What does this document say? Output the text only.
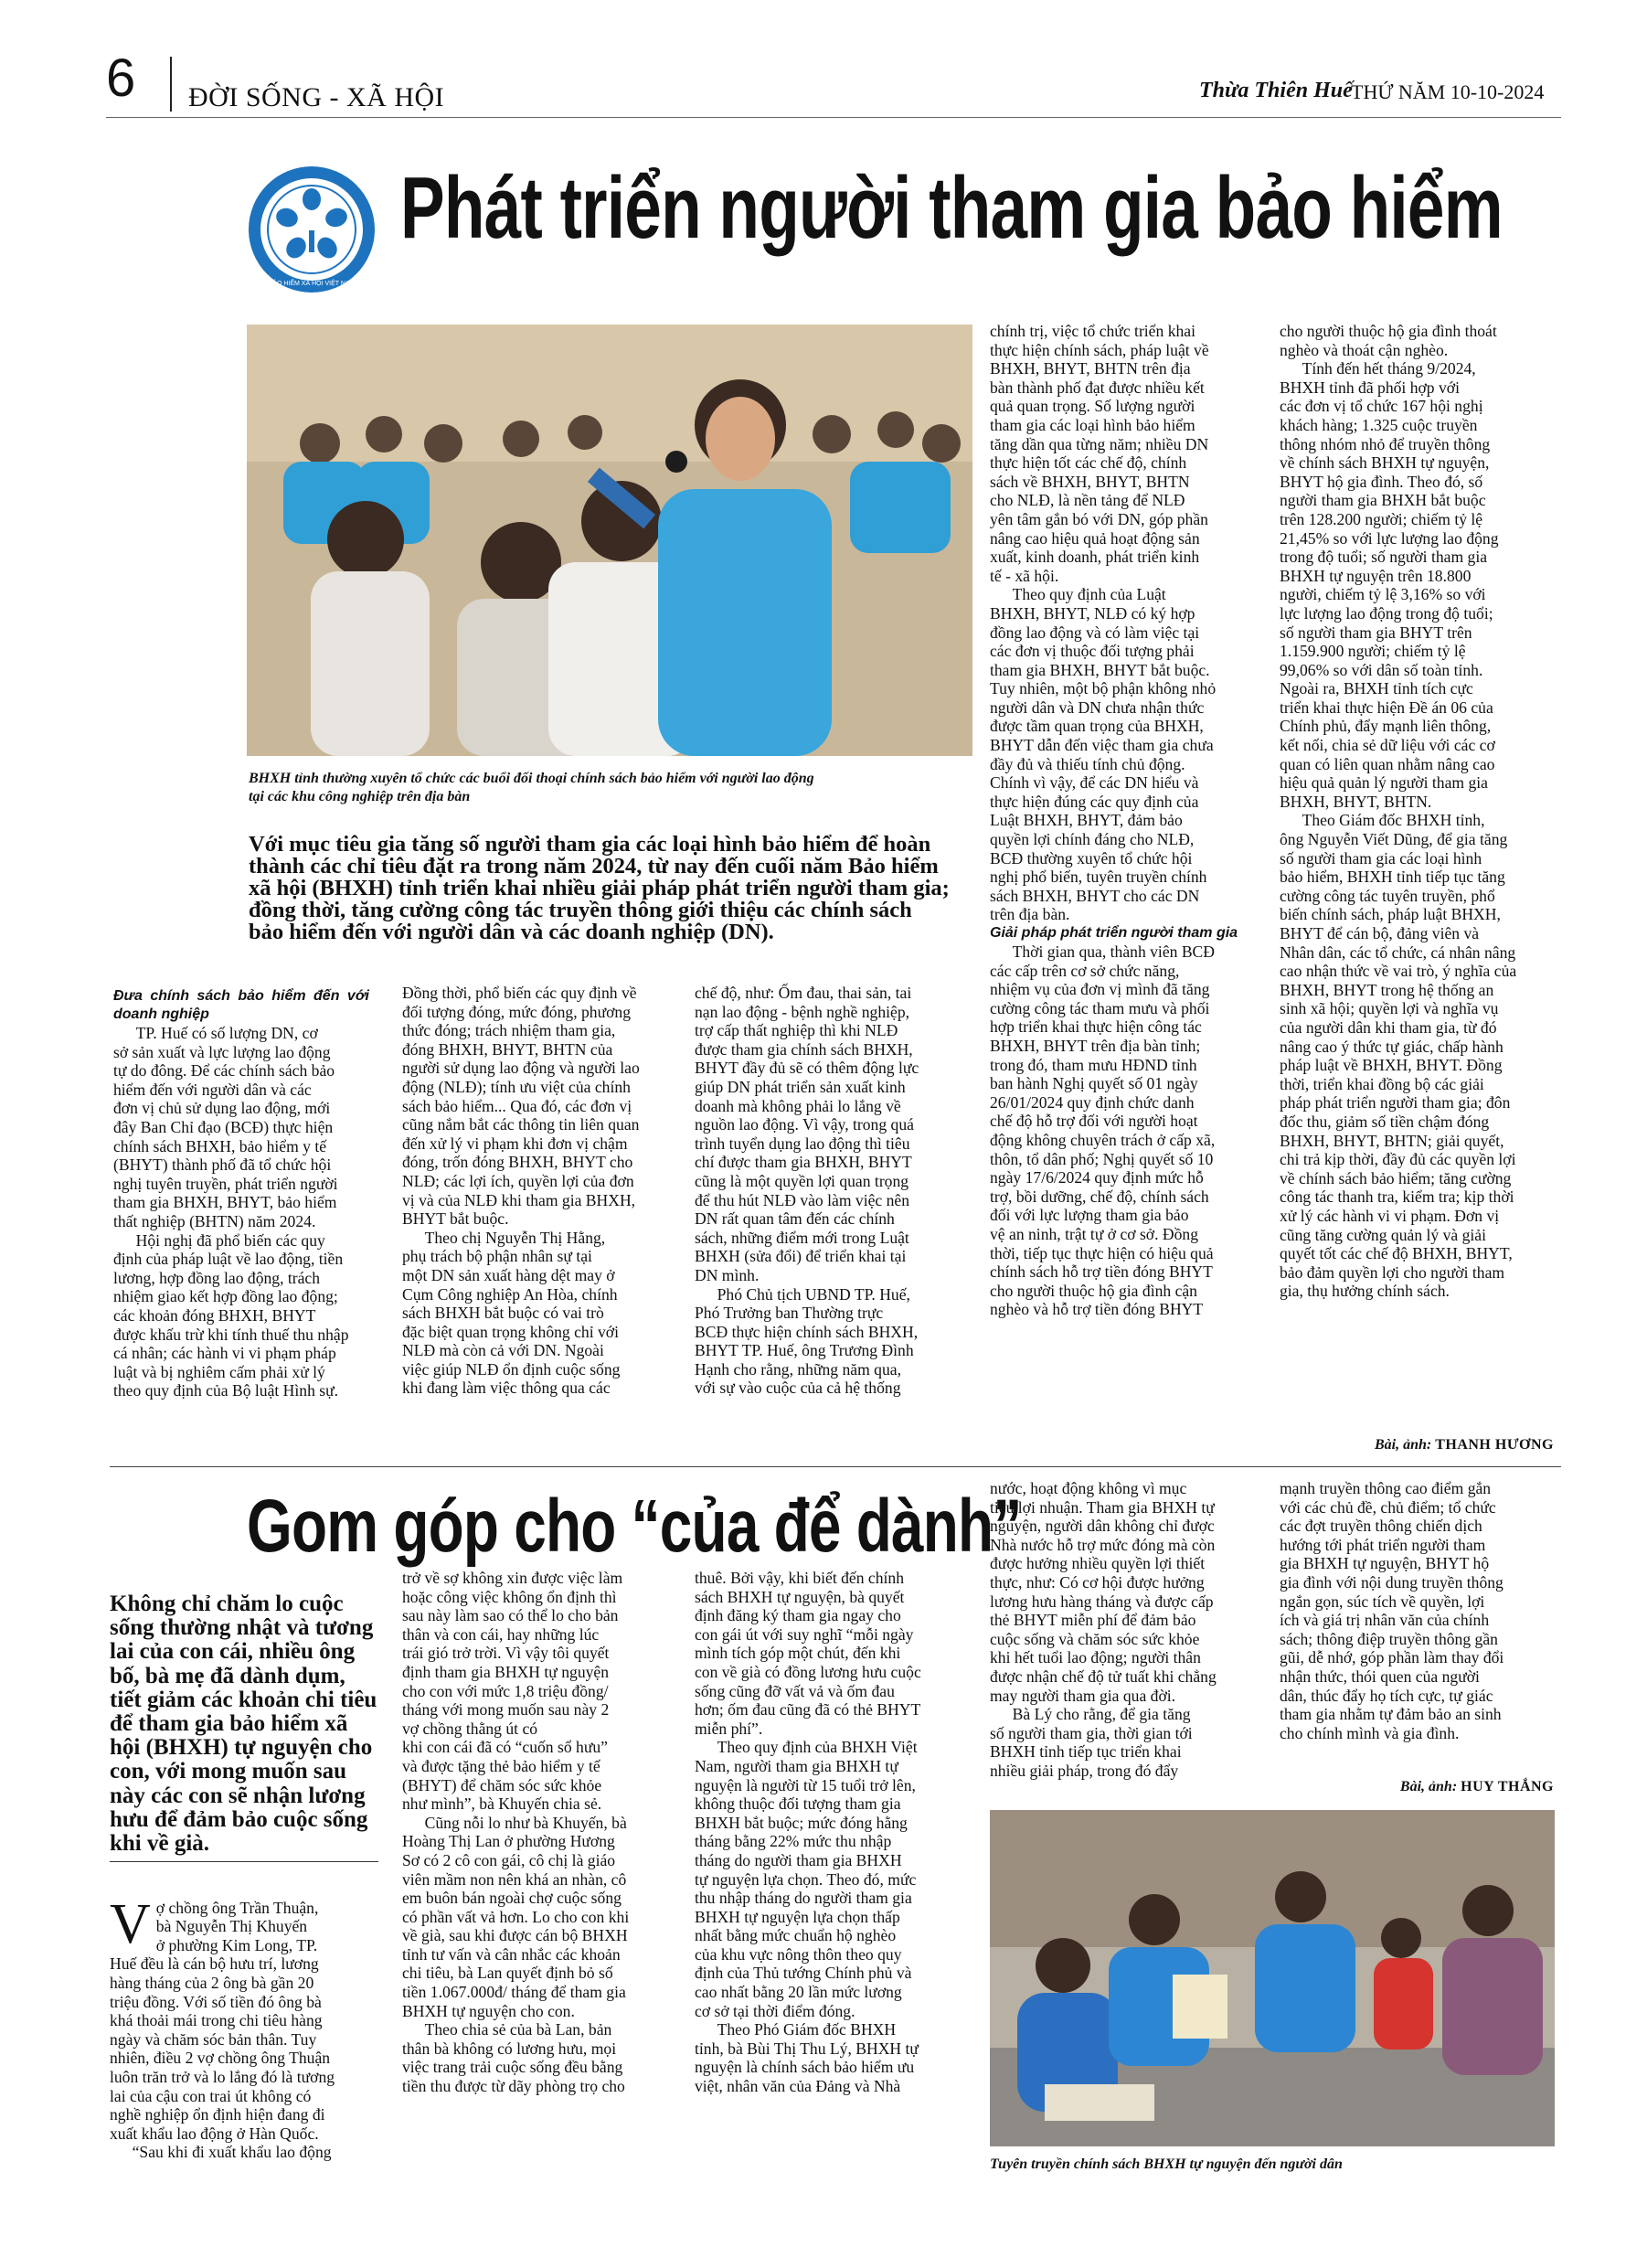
6 ĐỜI SỐNG - XÃ HỘI	Thừa Thiên Huế
THỨ NĂM 10-10-2024
BẢO HIỂM XÃ HỘI VIỆT NAM
Phát triển người tham gia bảo hiểm
BHXH tỉnh thường xuyên tổ chức các buổi đối thoại chính sách bảo hiểm với người lao động
tại các khu công nghiệp trên địa bàn
Với mục tiêu gia tăng số người tham gia các loại hình bảo hiểm để hoàn
thành các chỉ tiêu đặt ra trong năm 2024, từ nay đến cuối năm Bảo hiểm
xã hội (BHXH) tỉnh triển khai nhiều giải pháp phát triển người tham gia;
đồng thời, tăng cường công tác truyền thông giới thiệu các chính sách
bảo hiểm đến với người dân và các doanh nghiệp (DN).

Đưa chính sách bảo hiểm đến với doanh nghiệp

TP. Huế có số lượng DN, cơ
sở sản xuất và lực lượng lao động
tự do đông. Để các chính sách bảo
hiểm đến với người dân và các
đơn vị chủ sử dụng lao động, mới
đây Ban Chỉ đạo (BCĐ) thực hiện
chính sách BHXH, bảo hiểm y tế
(BHYT) thành phố đã tổ chức hội
nghị tuyên truyền, phát triển người
tham gia BHXH, BHYT, bảo hiểm
thất nghiệp (BHTN) năm 2024.

Hội nghị đã phổ biến các quy
định của pháp luật về lao động, tiền
lương, hợp đồng lao động, trách
nhiệm giao kết hợp đồng lao động;
các khoản đóng BHXH, BHYT
được khấu trừ khi tính thuế thu nhập
cá nhân; các hành vi vi phạm pháp
luật và bị nghiêm cấm phải xử lý
theo quy định của Bộ luật Hình sự.

Đồng thời, phổ biến các quy định về
đối tượng đóng, mức đóng, phương
thức đóng; trách nhiệm tham gia,
đóng BHXH, BHYT, BHTN của
người sử dụng lao động và người lao
động (NLĐ); tính ưu việt của chính
sách bảo hiểm... Qua đó, các đơn vị
cũng nắm bắt các thông tin liên quan
đến xử lý vi phạm khi đơn vị chậm
đóng, trốn đóng BHXH, BHYT cho
NLĐ; các lợi ích, quyền lợi của đơn
vị và của NLĐ khi tham gia BHXH,
BHYT bắt buộc.

Theo chị Nguyễn Thị Hằng,
phụ trách bộ phận nhân sự tại
một DN sản xuất hàng dệt may ở
Cụm Công nghiệp An Hòa, chính
sách BHXH bắt buộc có vai trò
đặc biệt quan trọng không chỉ với
NLĐ mà còn cả với DN. Ngoài
việc giúp NLĐ ổn định cuộc sống
khi đang làm việc thông qua các

chế độ, như: Ốm đau, thai sản, tai
nạn lao động - bệnh nghề nghiệp,
trợ cấp thất nghiệp thì khi NLĐ
được tham gia chính sách BHXH,
BHYT đầy đủ sẽ có thêm động lực
giúp DN phát triển sản xuất kinh
doanh mà không phải lo lắng về
nguồn lao động. Vì vậy, trong quá
trình tuyển dụng lao động thì tiêu
chí được tham gia BHXH, BHYT
cũng là một quyền lợi quan trọng
để thu hút NLĐ vào làm việc nên
DN rất quan tâm đến các chính
sách, những điểm mới trong Luật
BHXH (sửa đổi) để triển khai tại
DN mình.

Phó Chủ tịch UBND TP. Huế,
Phó Trưởng ban Thường trực
BCĐ thực hiện chính sách BHXH,
BHYT TP. Huế, ông Trương Đình
Hạnh cho rằng, những năm qua,
với sự vào cuộc của cả hệ thống

chính trị, việc tổ chức triển khai
thực hiện chính sách, pháp luật về
BHXH, BHYT, BHTN trên địa
bàn thành phố đạt được nhiều kết
quả quan trọng. Số lượng người
tham gia các loại hình bảo hiểm
tăng dần qua từng năm; nhiều DN
thực hiện tốt các chế độ, chính
sách về BHXH, BHYT, BHTN
cho NLĐ, là nền tảng để NLĐ
yên tâm gắn bó với DN, góp phần
nâng cao hiệu quả hoạt động sản
xuất, kinh doanh, phát triển kinh
tế - xã hội.

Theo quy định của Luật
BHXH, BHYT, NLĐ có ký hợp
đồng lao động và có làm việc tại
các đơn vị thuộc đối tượng phải
tham gia BHXH, BHYT bắt buộc.
Tuy nhiên, một bộ phận không nhỏ
người dân và DN chưa nhận thức
được tầm quan trọng của BHXH,
BHYT dẫn đến việc tham gia chưa
đầy đủ và thiếu tính chủ động.
Chính vì vậy, để các DN hiểu và
thực hiện đúng các quy định của
Luật BHXH, BHYT, đảm bảo
quyền lợi chính đáng cho NLĐ,
BCĐ thường xuyên tổ chức hội
nghị phổ biến, tuyên truyền chính
sách BHXH, BHYT cho các DN
trên địa bàn.

Giải pháp phát triển người tham gia

Thời gian qua, thành viên BCĐ
các cấp trên cơ sở chức năng,
nhiệm vụ của đơn vị mình đã tăng
cường công tác tham mưu và phối
hợp triển khai thực hiện công tác
BHXH, BHYT trên địa bàn tỉnh;
trong đó, tham mưu HĐND tỉnh
ban hành Nghị quyết số 01 ngày
26/01/2024 quy định chức danh
chế độ hỗ trợ đối với người hoạt
động không chuyên trách ở cấp xã,
thôn, tổ dân phố; Nghị quyết số 10
ngày 17/6/2024 quy định mức hỗ
trợ, bồi dưỡng, chế độ, chính sách
đối với lực lượng tham gia bảo
vệ an ninh, trật tự ở cơ sở. Đồng
thời, tiếp tục thực hiện có hiệu quả
chính sách hỗ trợ tiền đóng BHYT
cho người thuộc hộ gia đình cận
nghèo và hỗ trợ tiền đóng BHYT

cho người thuộc hộ gia đình thoát
nghèo và thoát cận nghèo.

Tính đến hết tháng 9/2024,
BHXH tỉnh đã phối hợp với
các đơn vị tổ chức 167 hội nghị
khách hàng; 1.325 cuộc truyền
thông nhóm nhỏ để truyền thông
về chính sách BHXH tự nguyện,
BHYT hộ gia đình. Theo đó, số
người tham gia BHXH bắt buộc
trên 128.200 người; chiếm tỷ lệ
21,45% so với lực lượng lao động
trong độ tuổi; số người tham gia
BHXH tự nguyện trên 18.800
người, chiếm tỷ lệ 3,16% so với
lực lượng lao động trong độ tuổi;
số người tham gia BHYT trên
1.159.900 người; chiếm tỷ lệ
99,06% so với dân số toàn tỉnh.
Ngoài ra, BHXH tỉnh tích cực
triển khai thực hiện Đề án 06 của
Chính phủ, đẩy mạnh liên thông,
kết nối, chia sẻ dữ liệu với các cơ
quan có liên quan nhằm nâng cao
hiệu quả quản lý người tham gia
BHXH, BHYT, BHTN.

Theo Giám đốc BHXH tỉnh,
ông Nguyễn Viết Dũng, để gia tăng
số người tham gia các loại hình
bảo hiểm, BHXH tỉnh tiếp tục tăng
cường công tác tuyên truyền, phổ
biến chính sách, pháp luật BHXH,
BHYT để cán bộ, đảng viên và
Nhân dân, các tổ chức, cá nhân nâng
cao nhận thức về vai trò, ý nghĩa của
BHXH, BHYT trong hệ thống an
sinh xã hội; quyền lợi và nghĩa vụ
của người dân khi tham gia, từ đó
nâng cao ý thức tự giác, chấp hành
pháp luật về BHXH, BHYT. Đồng
thời, triển khai đồng bộ các giải
pháp phát triển người tham gia; đôn
đốc thu, giảm số tiền chậm đóng
BHXH, BHYT, BHTN; giải quyết,
chi trả kịp thời, đầy đủ các quyền lợi
về chính sách bảo hiểm; tăng cường
công tác thanh tra, kiểm tra; kịp thời
xử lý các hành vi vi phạm. Đơn vị
cũng tăng cường quản lý và giải
quyết tốt các chế độ BHXH, BHYT,
bảo đảm quyền lợi cho người tham
gia, thụ hưởng chính sách.

Bài, ảnh: THANH HƯƠNG
Gom góp cho “của để dành”
Không chỉ chăm lo cuộc
sống thường nhật và tương
lai của con cái, nhiều ông
bố, bà mẹ đã dành dụm,
tiết giảm các khoản chi tiêu
để tham gia bảo hiểm xã
hội (BHXH) tự nguyện cho
con, với mong muốn sau
này các con sẽ nhận lương
hưu để đảm bảo cuộc sống
khi về già.

Vợ chồng ông Trần Thuận,
bà Nguyễn Thị Khuyến
ở phường Kim Long, TP.
Huế đều là cán bộ hưu trí, lương
hàng tháng của 2 ông bà gần 20
triệu đồng. Với số tiền đó ông bà
khá thoải mái trong chi tiêu hàng
ngày và chăm sóc bản thân. Tuy
nhiên, điều 2 vợ chồng ông Thuận
luôn trăn trở và lo lắng đó là tương
lai của cậu con trai út không có
nghề nghiệp ổn định hiện đang đi
xuất khẩu lao động ở Hàn Quốc.

“Sau khi đi xuất khẩu lao động

trở về sợ không xin được việc làm
hoặc công việc không ổn định thì
sau này làm sao có thể lo cho bản
thân và con cái, hay những lúc
trái gió trở trời. Vì vậy tôi quyết
định tham gia BHXH tự nguyện
cho con với mức 1,8 triệu đồng/
tháng với mong muốn sau này 2
vợ chồng thằng út có
khi con cái đã có “cuốn sổ hưu”
và được tặng thẻ bảo hiểm y tế
(BHYT) để chăm sóc sức khỏe
như mình”, bà Khuyến chia sẻ.

Cũng nỗi lo như bà Khuyến, bà
Hoàng Thị Lan ở phường Hương
Sơ có 2 cô con gái, cô chị là giáo
viên mầm non nên khá an nhàn, cô
em buôn bán ngoài chợ cuộc sống
có phần vất vả hơn. Lo cho con khi
về già, sau khi được cán bộ BHXH
tỉnh tư vấn và cân nhắc các khoản
chi tiêu, bà Lan quyết định bỏ số
tiền 1.067.000đ/ tháng để tham gia
BHXH tự nguyện cho con.

Theo chia sẻ của bà Lan, bản
thân bà không có lương hưu, mọi
việc trang trải cuộc sống đều bằng
tiền thu được từ dãy phòng trọ cho

thuê. Bởi vậy, khi biết đến chính
sách BHXH tự nguyện, bà quyết
định đăng ký tham gia ngay cho
con gái út với suy nghĩ “mỗi ngày
mình tích góp một chút, đến khi
con về già có đồng lương hưu cuộc
sống cũng đỡ vất vả và ốm đau
hơn; ốm đau cũng đã có thẻ BHYT
miễn phí”.

Theo quy định của BHXH Việt
Nam, người tham gia BHXH tự
nguyện là người từ 15 tuổi trở lên,
không thuộc đối tượng tham gia
BHXH bắt buộc; mức đóng hằng
tháng bằng 22% mức thu nhập
tháng do người tham gia BHXH
tự nguyện lựa chọn. Theo đó, mức
thu nhập tháng do người tham gia
BHXH tự nguyện lựa chọn thấp
nhất bằng mức chuẩn hộ nghèo
của khu vực nông thôn theo quy
định của Thủ tướng Chính phủ và
cao nhất bằng 20 lần mức lương
cơ sở tại thời điểm đóng.

Theo Phó Giám đốc BHXH
tỉnh, bà Bùi Thị Thu Lý, BHXH tự
nguyện là chính sách bảo hiểm ưu
việt, nhân văn của Đảng và Nhà

nước, hoạt động không vì mục
tiêu lợi nhuận. Tham gia BHXH tự
nguyện, người dân không chỉ được
Nhà nước hỗ trợ mức đóng mà còn
được hưởng nhiều quyền lợi thiết
thực, như: Có cơ hội được hưởng
lương hưu hàng tháng và được cấp
thẻ BHYT miễn phí để đảm bảo
cuộc sống và chăm sóc sức khỏe
khi hết tuổi lao động; người thân
được nhận chế độ tử tuất khi chẳng
may người tham gia qua đời.

Bà Lý cho rằng, để gia tăng
số người tham gia, thời gian tới
BHXH tỉnh tiếp tục triển khai
nhiều giải pháp, trong đó đẩy

mạnh truyền thông cao điểm gắn
với các chủ đề, chủ điểm; tổ chức
các đợt truyền thông chiến dịch
hướng tới phát triển người tham
gia BHXH tự nguyện, BHYT hộ
gia đình với nội dung truyền thông
ngắn gọn, súc tích về quyền, lợi
ích và giá trị nhân văn của chính
sách; thông điệp truyền thông gần
gũi, dễ nhớ, góp phần làm thay đổi
nhận thức, thói quen của người
dân, thúc đẩy họ tích cực, tự giác
tham gia nhằm tự đảm bảo an sinh
cho chính mình và gia đình.

Bài, ảnh: HUY THẮNG
Tuyên truyền chính sách BHXH tự nguyện đến người dân
